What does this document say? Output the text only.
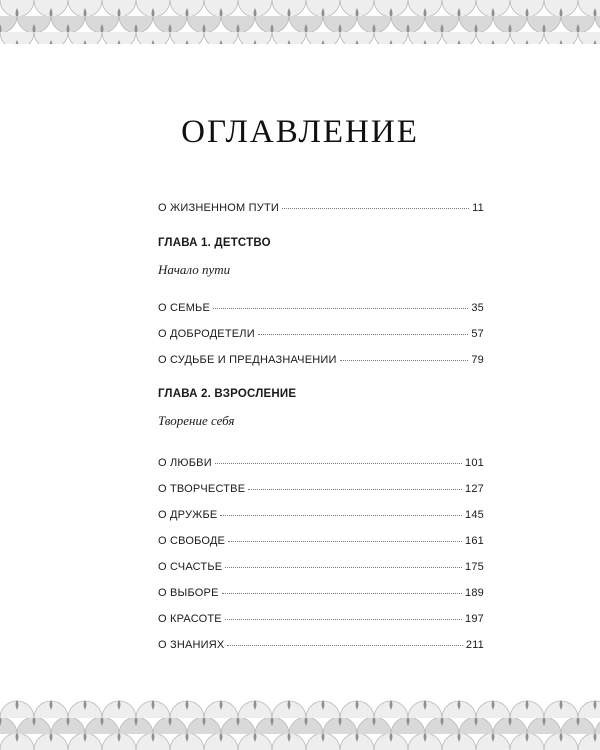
ОГЛАВЛЕНИЕ
О ЖИЗНЕННОМ ПУТИ	11
ГЛАВА 1. ДЕТСТВО
Начало пути
О СЕМЬЕ	35
О ДОБРОДЕТЕЛИ	57
О СУДЬБЕ И ПРЕДНАЗНАЧЕНИИ	79
ГЛАВА 2. ВЗРОСЛЕНИЕ
Творение себя
О ЛЮБВИ	101
О ТВОРЧЕСТВЕ	127
О ДРУЖБЕ	145
О СВОБОДЕ	161
О СЧАСТЬЕ	175
О ВЫБОРЕ	189
О КРАСОТЕ	197
О ЗНАНИЯХ	211
